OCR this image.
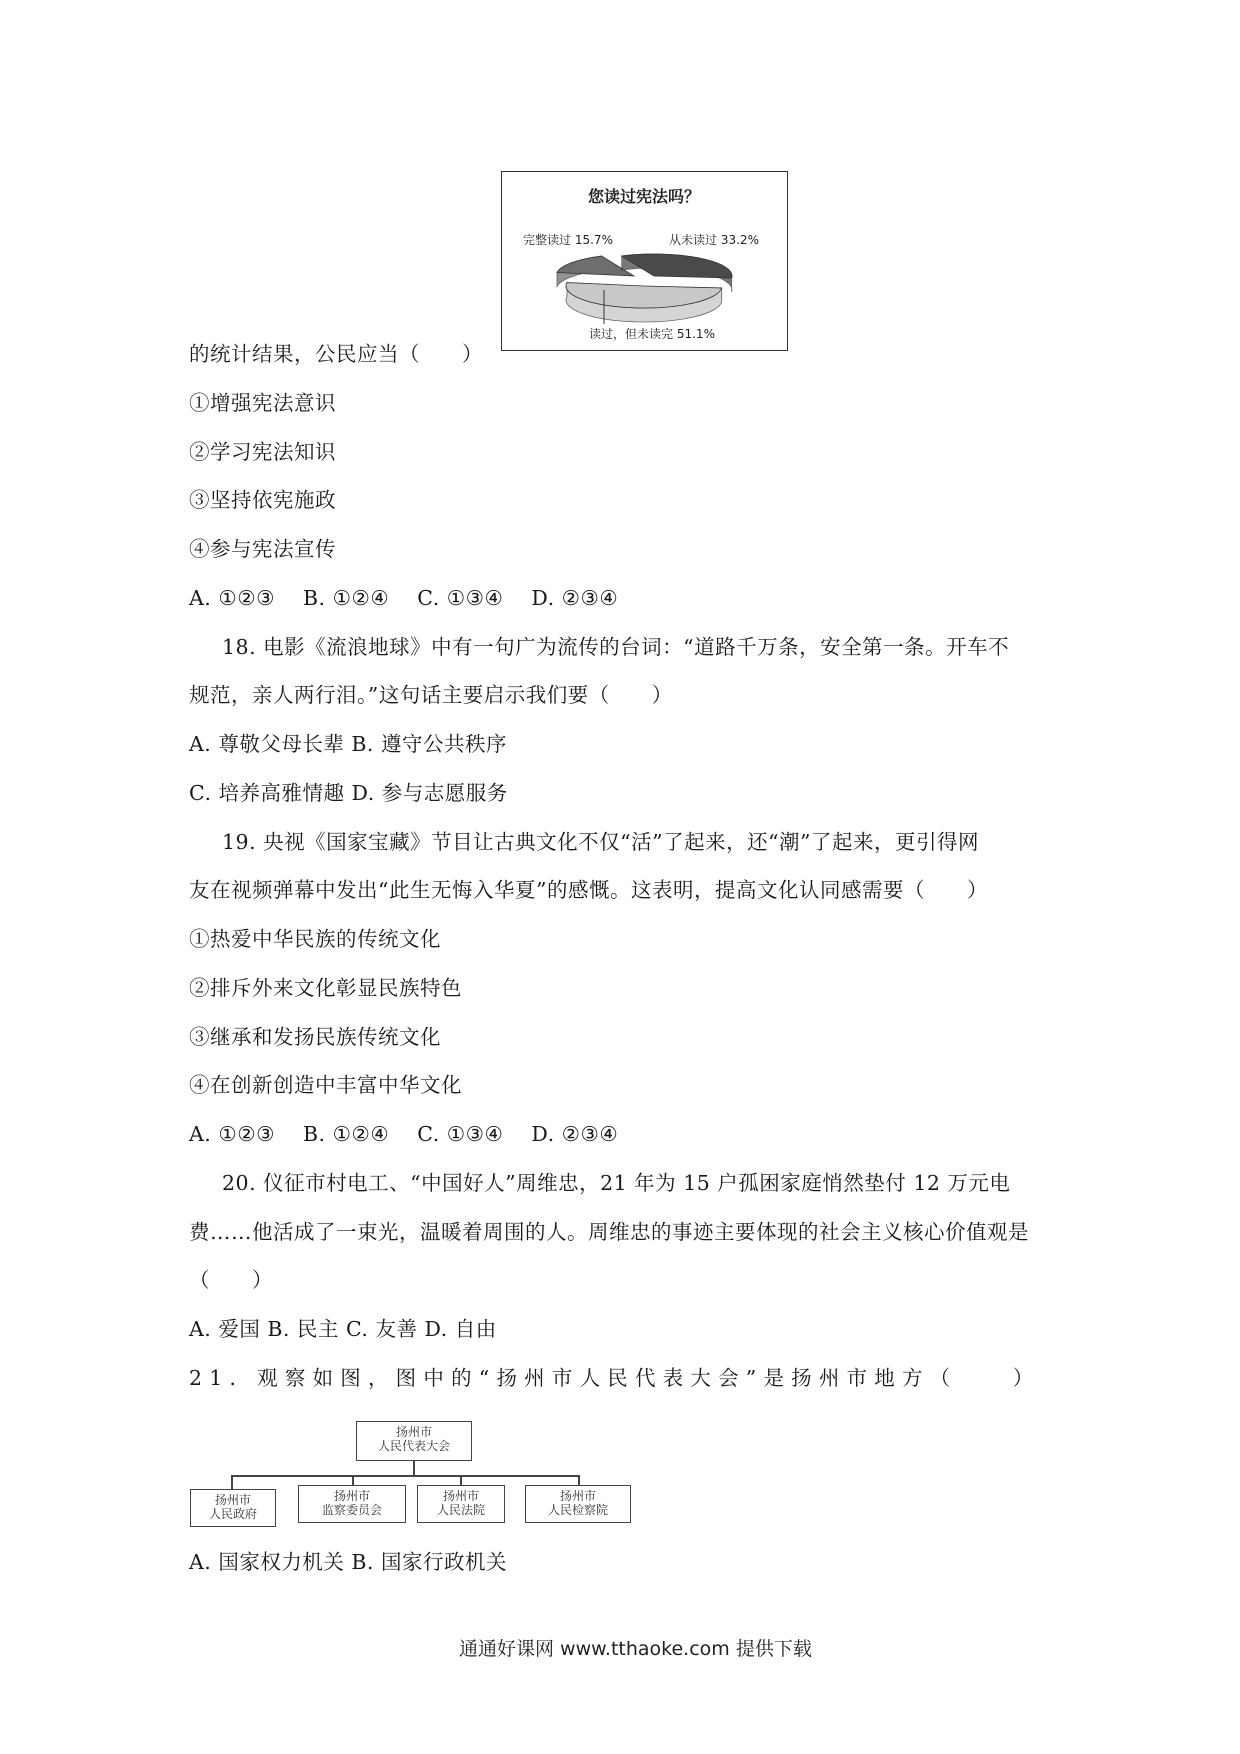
您读过宪法吗？
完整读过 15.7%	从未读过 33.2%
读过，但未读完 51.1%
的统计结果，公民应当（　　）
①增强宪法意识
②学习宪法知识
③坚持依宪施政
④参与宪法宣传
A. ①②③　 B. ①②④　 C. ①③④　 D. ②③④
18. 电影《流浪地球》中有一句广为流传的台词：“道路千万条，安全第一条。开车不
规范，亲人两行泪。”这句话主要启示我们要（　　）
A. 尊敬父母长辈 B. 遵守公共秩序
C. 培养高雅情趣 D. 参与志愿服务
19. 央视《国家宝藏》节目让古典文化不仅“活”了起来，还“潮”了起来，更引得网
友在视频弹幕中发出“此生无悔入华夏”的感慨。这表明，提高文化认同感需要（　　）
①热爱中华民族的传统文化
②排斥外来文化彰显民族特色
③继承和发扬民族传统文化
④在创新创造中丰富中华文化
A. ①②③　 B. ①②④　 C. ①③④　 D. ②③④
20. 仪征市村电工、“中国好人”周维忠，21 年为 15 户孤困家庭悄然垫付 12 万元电
费……他活成了一束光，温暖着周围的人。周维忠的事迹主要体现的社会主义核心价值观是
（　　）
A. 爱国 B. 民主 C. 友善 D. 自由
21．观察如图，图中的“扬州市人民代表大会”是扬州市地方（　　）
扬州市
人民代表大会
扬州市
人民政府
扬州市
监察委员会
扬州市
人民法院
扬州市
人民检察院
A. 国家权力机关 B. 国家行政机关
通通好课网 www.tthaoke.com 提供下载
